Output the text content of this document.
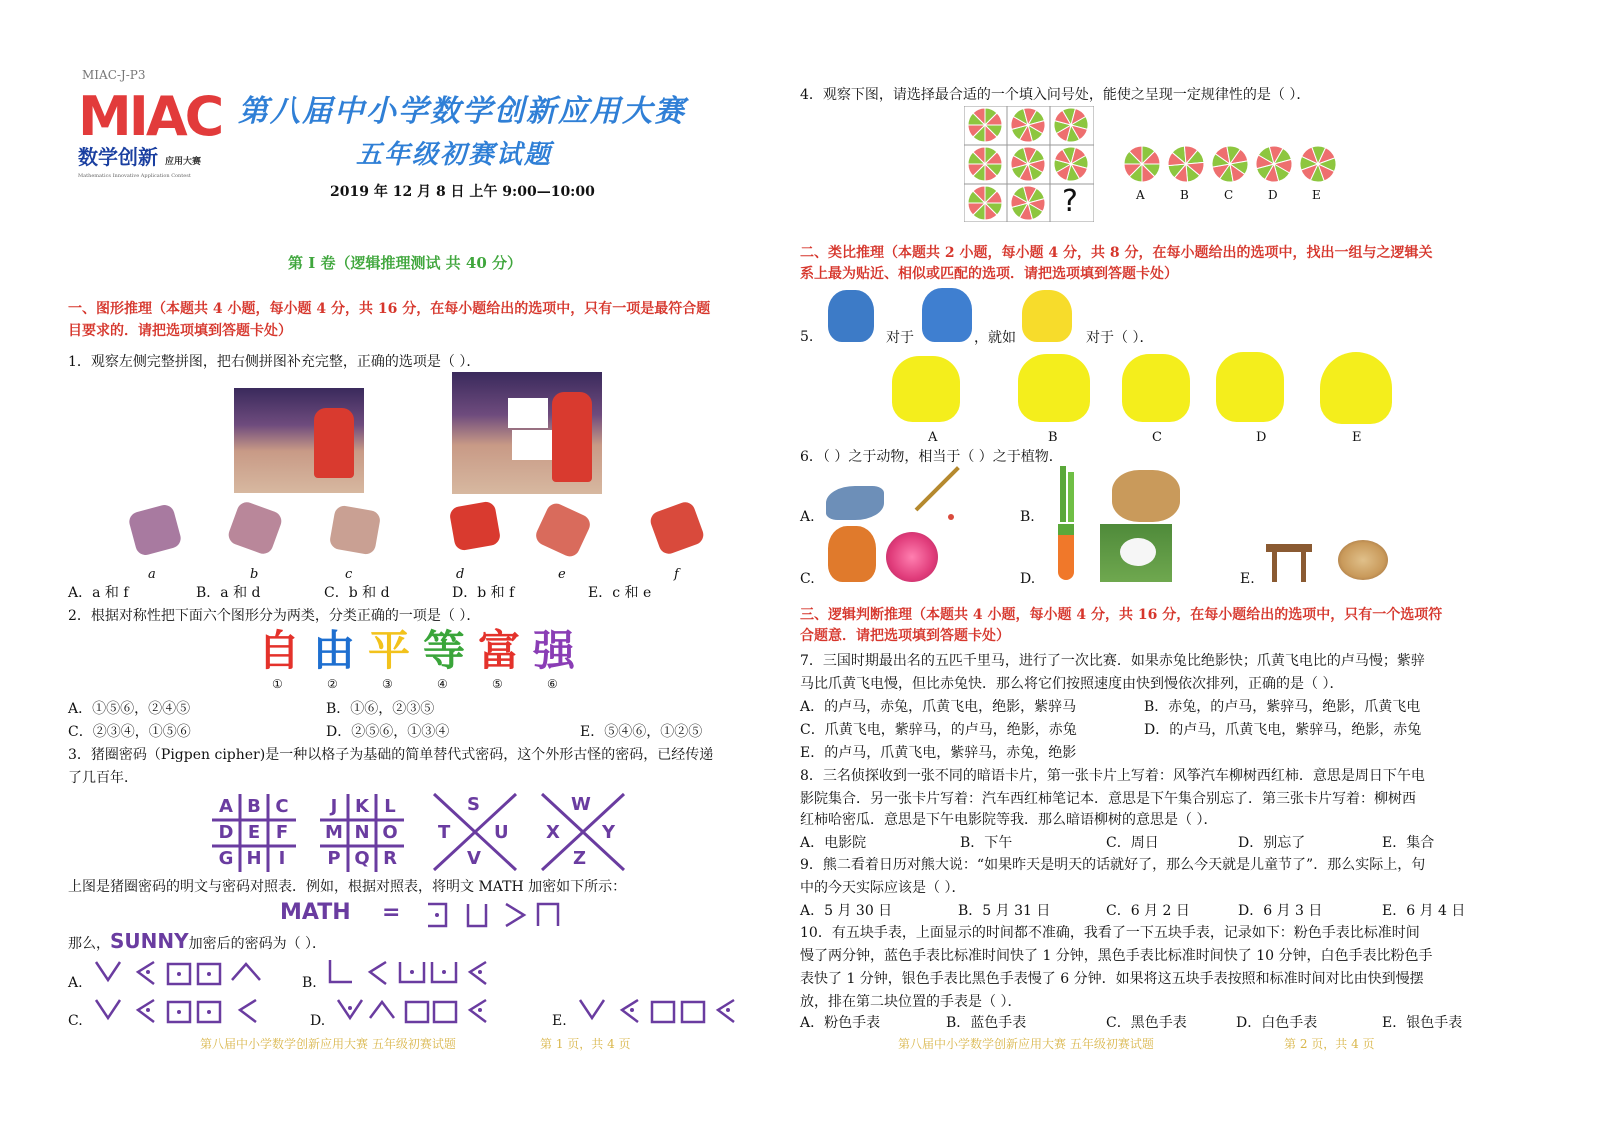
MIAC-J-P3
MIAC
数学创新 应用大赛
Mathematics Innovative Application Contest
第八届中小学数学创新应用大赛
五年级初赛试题
2019 年 12 月 8 日 上午 9:00—10:00
第 I 卷（逻辑推理测试 共 40 分）
一、图形推理（本题共 4 小题，每小题 4 分，共 16 分，在每小题给出的选项中，只有一项是最符合题
目要求的．请把选项填到答题卡处）
1．观察左侧完整拼图，把右侧拼图补充完整，正确的选项是（ ）．
a	b	c	d	e	f
A．a 和 f	B．a 和 d	C．b 和 d	D．b 和 f	E．c 和 e
2．根据对称性把下面六个图形分为两类，分类正确的一项是（ ）．
自 由 平 等 富 强
①	②	③	④	⑤	⑥
A．①⑤⑥，②④⑤	B．①⑥，②③⑤
C．②③④，①⑤⑥	D．②⑤⑥，①③④	E．⑤④⑥，①②⑤
3．猪圈密码（Pigpen cipher)是一种以格子为基础的简单替代式密码，这个外形古怪的密码，已经传递
了几百年．
A B C
D E F
G H I
J K L
M N O
P Q R
S
T U
V
W
X Y
Z
上图是猪圈密码的明文与密码对照表．例如，根据对照表，将明文 MATH 加密如下所示：
MATH =
那么，SUNNY加密后的密码为（ ）．
A.	B.
C.	D.	E.
第八届中小学数学创新应用大赛 五年级初赛试题	第 1 页，共 4 页
4．观察下图，请选择最合适的一个填入问号处，能使之呈现一定规律性的是（ ）．
?	A	B	C	D	E
二、类比推理（本题共 2 小题，每小题 4 分，共 8 分，在每小题给出的选项中，找出一组与之逻辑关
系上最为贴近、相似或匹配的选项．请把选项填到答题卡处）
5.	对于	，就如	对于（ ）．
A	B	C	D	E
6．（ ）之于动物，相当于（ ）之于植物．
A.	B.
C.	D.	E.
三、逻辑判断推理（本题共 4 小题，每小题 4 分，共 16 分，在每小题给出的选项中，只有一个选项符
合题意．请把选项填到答题卡处）
7．三国时期最出名的五匹千里马，进行了一次比赛．如果赤兔比绝影快；爪黄飞电比的卢马慢；紫骍
马比爪黄飞电慢，但比赤兔快．那么将它们按照速度由快到慢依次排列，正确的是（ ）．
A．的卢马，赤兔，爪黄飞电，绝影，紫骍马	B．赤兔，的卢马，紫骍马，绝影，爪黄飞电
C．爪黄飞电，紫骍马，的卢马，绝影，赤兔	D．的卢马，爪黄飞电，紫骍马，绝影，赤兔
E．的卢马，爪黄飞电，紫骍马，赤兔，绝影
8．三名侦探收到一张不同的暗语卡片，第一张卡片上写着：风筝汽车柳树西红柿．意思是周日下午电
影院集合．另一张卡片写着：汽车西红柿笔记本．意思是下午集合别忘了．第三张卡片写着：柳树西
红柿哈密瓜．意思是下午电影院等我．那么暗语柳树的意思是（ ）．
A．电影院	B．下午	C．周日	D．别忘了	E．集合
9．熊二看着日历对熊大说：“如果昨天是明天的话就好了，那么今天就是儿童节了”．那么实际上，句
中的今天实际应该是（ ）．
A．5 月 30 日	B．5 月 31 日	C．6 月 2 日	D．6 月 3 日	E．6 月 4 日
10．有五块手表，上面显示的时间都不准确，我看了一下五块手表，记录如下：粉色手表比标准时间
慢了两分钟，蓝色手表比标准时间快了 1 分钟，黑色手表比标准时间快了 10 分钟，白色手表比粉色手
表快了 1 分钟，银色手表比黑色手表慢了 6 分钟．如果将这五块手表按照和标准时间对比由快到慢摆
放，排在第二块位置的手表是（ ）．
A．粉色手表	B．蓝色手表	C．黑色手表	D．白色手表	E．银色手表
第八届中小学数学创新应用大赛 五年级初赛试题	第 2 页，共 4 页
